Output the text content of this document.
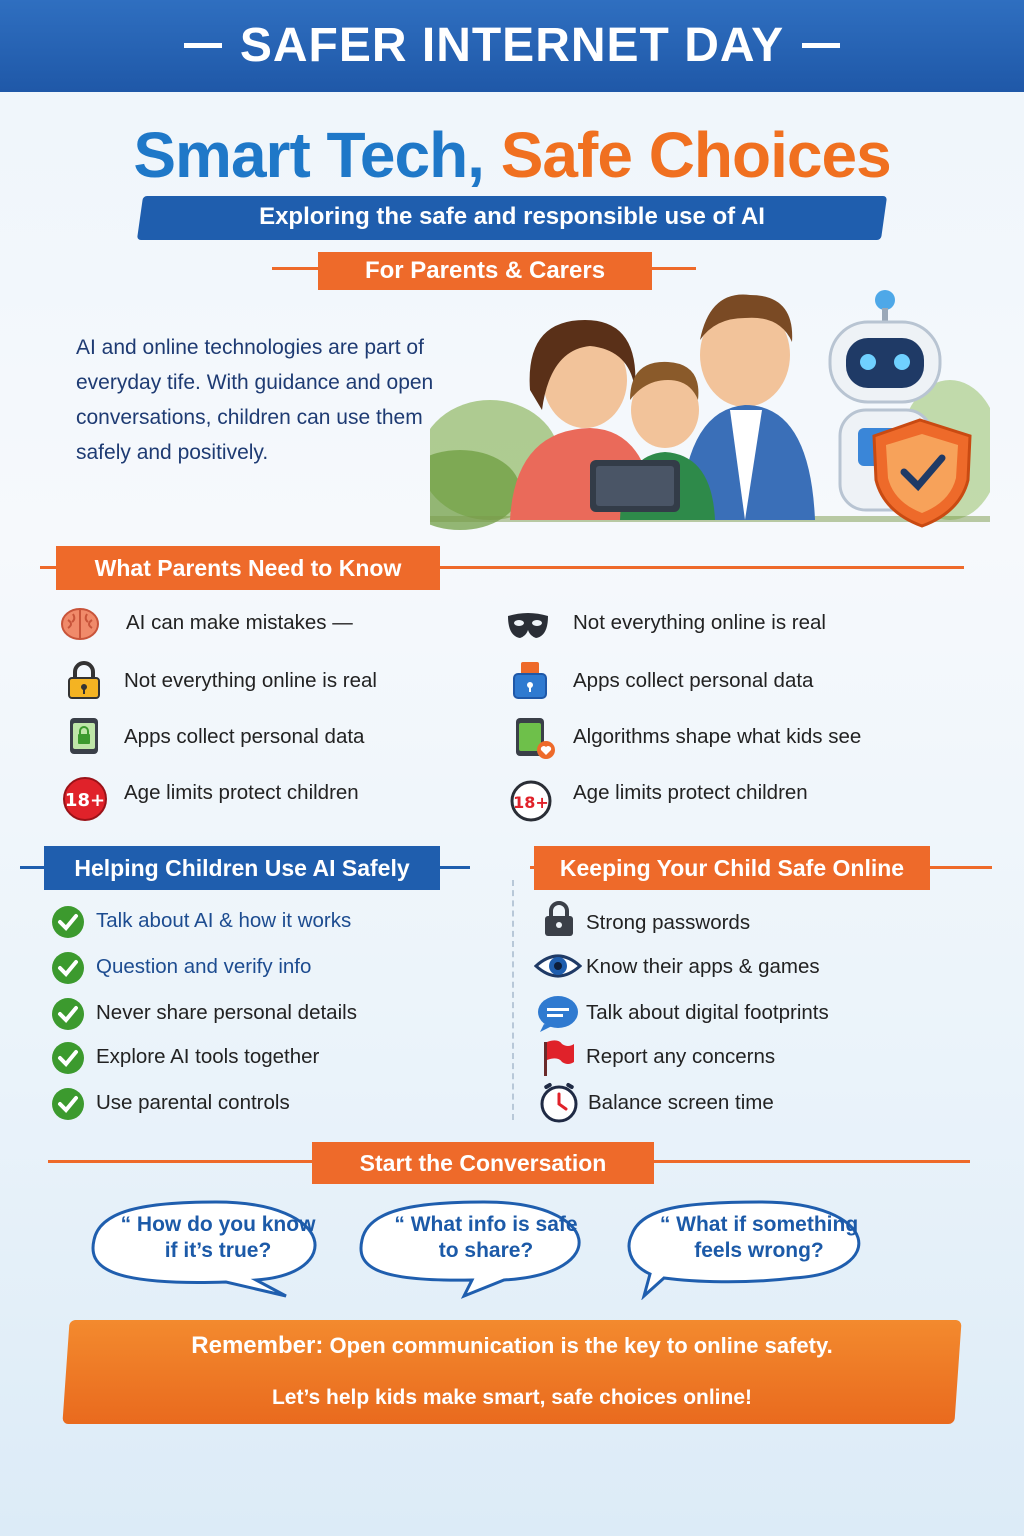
SAFER INTERNET DAY
Smart Tech, Safe Choices
Exploring the safe and responsible use of AI
For Parents & Carers
AI and online technologies are part of everyday tife. With guidance and open conversations, children can use them safely and positively.
What Parents Need to Know
AI can make mistakes —
Not everything online is real
Apps collect personal data
18+ Age limits protect children
Not everything online is real
Apps collect personal data
Algorithms shape what kids see
18+ Age limits protect children
Helping Children Use AI Safely
Talk about AI & how it works
Question and verify info
Never share personal details
Explore AI tools together
Use parental controls
Keeping Your Child Safe Online
Strong passwords
Know their apps & games
Talk about digital footprints
Report any concerns
Balance screen time
Start the Conversation
“ How do you know
if it’s true?
“ What info is safe
to share?
“ What if something
feels wrong?
Remember: Open communication is the key to online safety.
Let’s help kids make smart, safe choices online!
